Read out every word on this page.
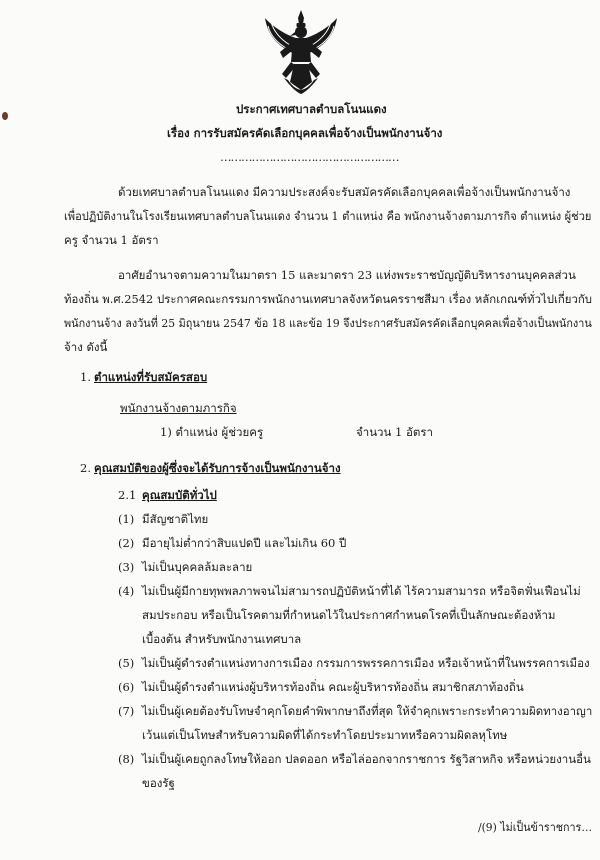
ประกาศเทศบาลตำบลโนนแดง
เรื่อง การรับสมัครคัดเลือกบุคคลเพื่อจ้างเป็นพนักงานจ้าง
……………………………………………
ด้วยเทศบาลตำบลโนนแดง มีความประสงค์จะรับสมัครคัดเลือกบุคคลเพื่อจ้างเป็นพนักงานจ้าง
เพื่อปฏิบัติงานในโรงเรียนเทศบาลตำบลโนนแดง จำนวน 1 ตำแหน่ง คือ พนักงานจ้างตามภารกิจ ตำแหน่ง ผู้ช่วย
ครู จำนวน 1 อัตรา
อาศัยอำนาจตามความในมาตรา 15 และมาตรา 23 แห่งพระราชบัญญัติบริหารงานบุคคลส่วน
ท้องถิ่น พ.ศ.2542 ประกาศคณะกรรมการพนักงานเทศบาลจังหวัดนครราชสีมา เรื่อง หลักเกณฑ์ทั่วไปเกี่ยวกับ
พนักงานจ้าง ลงวันที่ 25 มิถุนายน 2547 ข้อ 18 และข้อ 19 จึงประกาศรับสมัครคัดเลือกบุคคลเพื่อจ้างเป็นพนักงาน
จ้าง ดังนี้
1. ตำแหน่งที่รับสมัครสอบ
พนักงานจ้างตามภารกิจ
1) ตำแหน่ง ผู้ช่วยครู	จำนวน 1 อัตรา
2. คุณสมบัติของผู้ซึ่งจะได้รับการจ้างเป็นพนักงานจ้าง
2.1 คุณสมบัติทั่วไป
(1) มีสัญชาติไทย
(2) มีอายุไม่ต่ำกว่าสิบแปดปี และไม่เกิน 60 ปี
(3) ไม่เป็นบุคคลล้มละลาย
(4) ไม่เป็นผู้มีกายทุพพลภาพจนไม่สามารถปฏิบัติหน้าที่ได้ ไร้ความสามารถ หรือจิตฟั่นเฟือนไม่
สมประกอบ หรือเป็นโรคตามที่กำหนดไว้ในประกาศกำหนดโรคที่เป็นลักษณะต้องห้าม
เบื้องต้น สำหรับพนักงานเทศบาล
(5) ไม่เป็นผู้ดำรงตำแหน่งทางการเมือง กรรมการพรรคการเมือง หรือเจ้าหน้าที่ในพรรคการเมือง
(6) ไม่เป็นผู้ดำรงตำแหน่งผู้บริหารท้องถิ่น คณะผู้บริหารท้องถิ่น สมาชิกสภาท้องถิ่น
(7) ไม่เป็นผู้เคยต้องรับโทษจำคุกโดยคำพิพากษาถึงที่สุด ให้จำคุกเพราะกระทำความผิดทางอาญา
เว้นแต่เป็นโทษสำหรับความผิดที่ได้กระทำโดยประมาทหรือความผิดลหุโทษ
(8) ไม่เป็นผู้เคยถูกลงโทษให้ออก ปลดออก หรือไล่ออกจากราชการ รัฐวิสาหกิจ หรือหน่วยงานอื่น
ของรัฐ
/(9) ไม่เป็นข้าราชการ…
